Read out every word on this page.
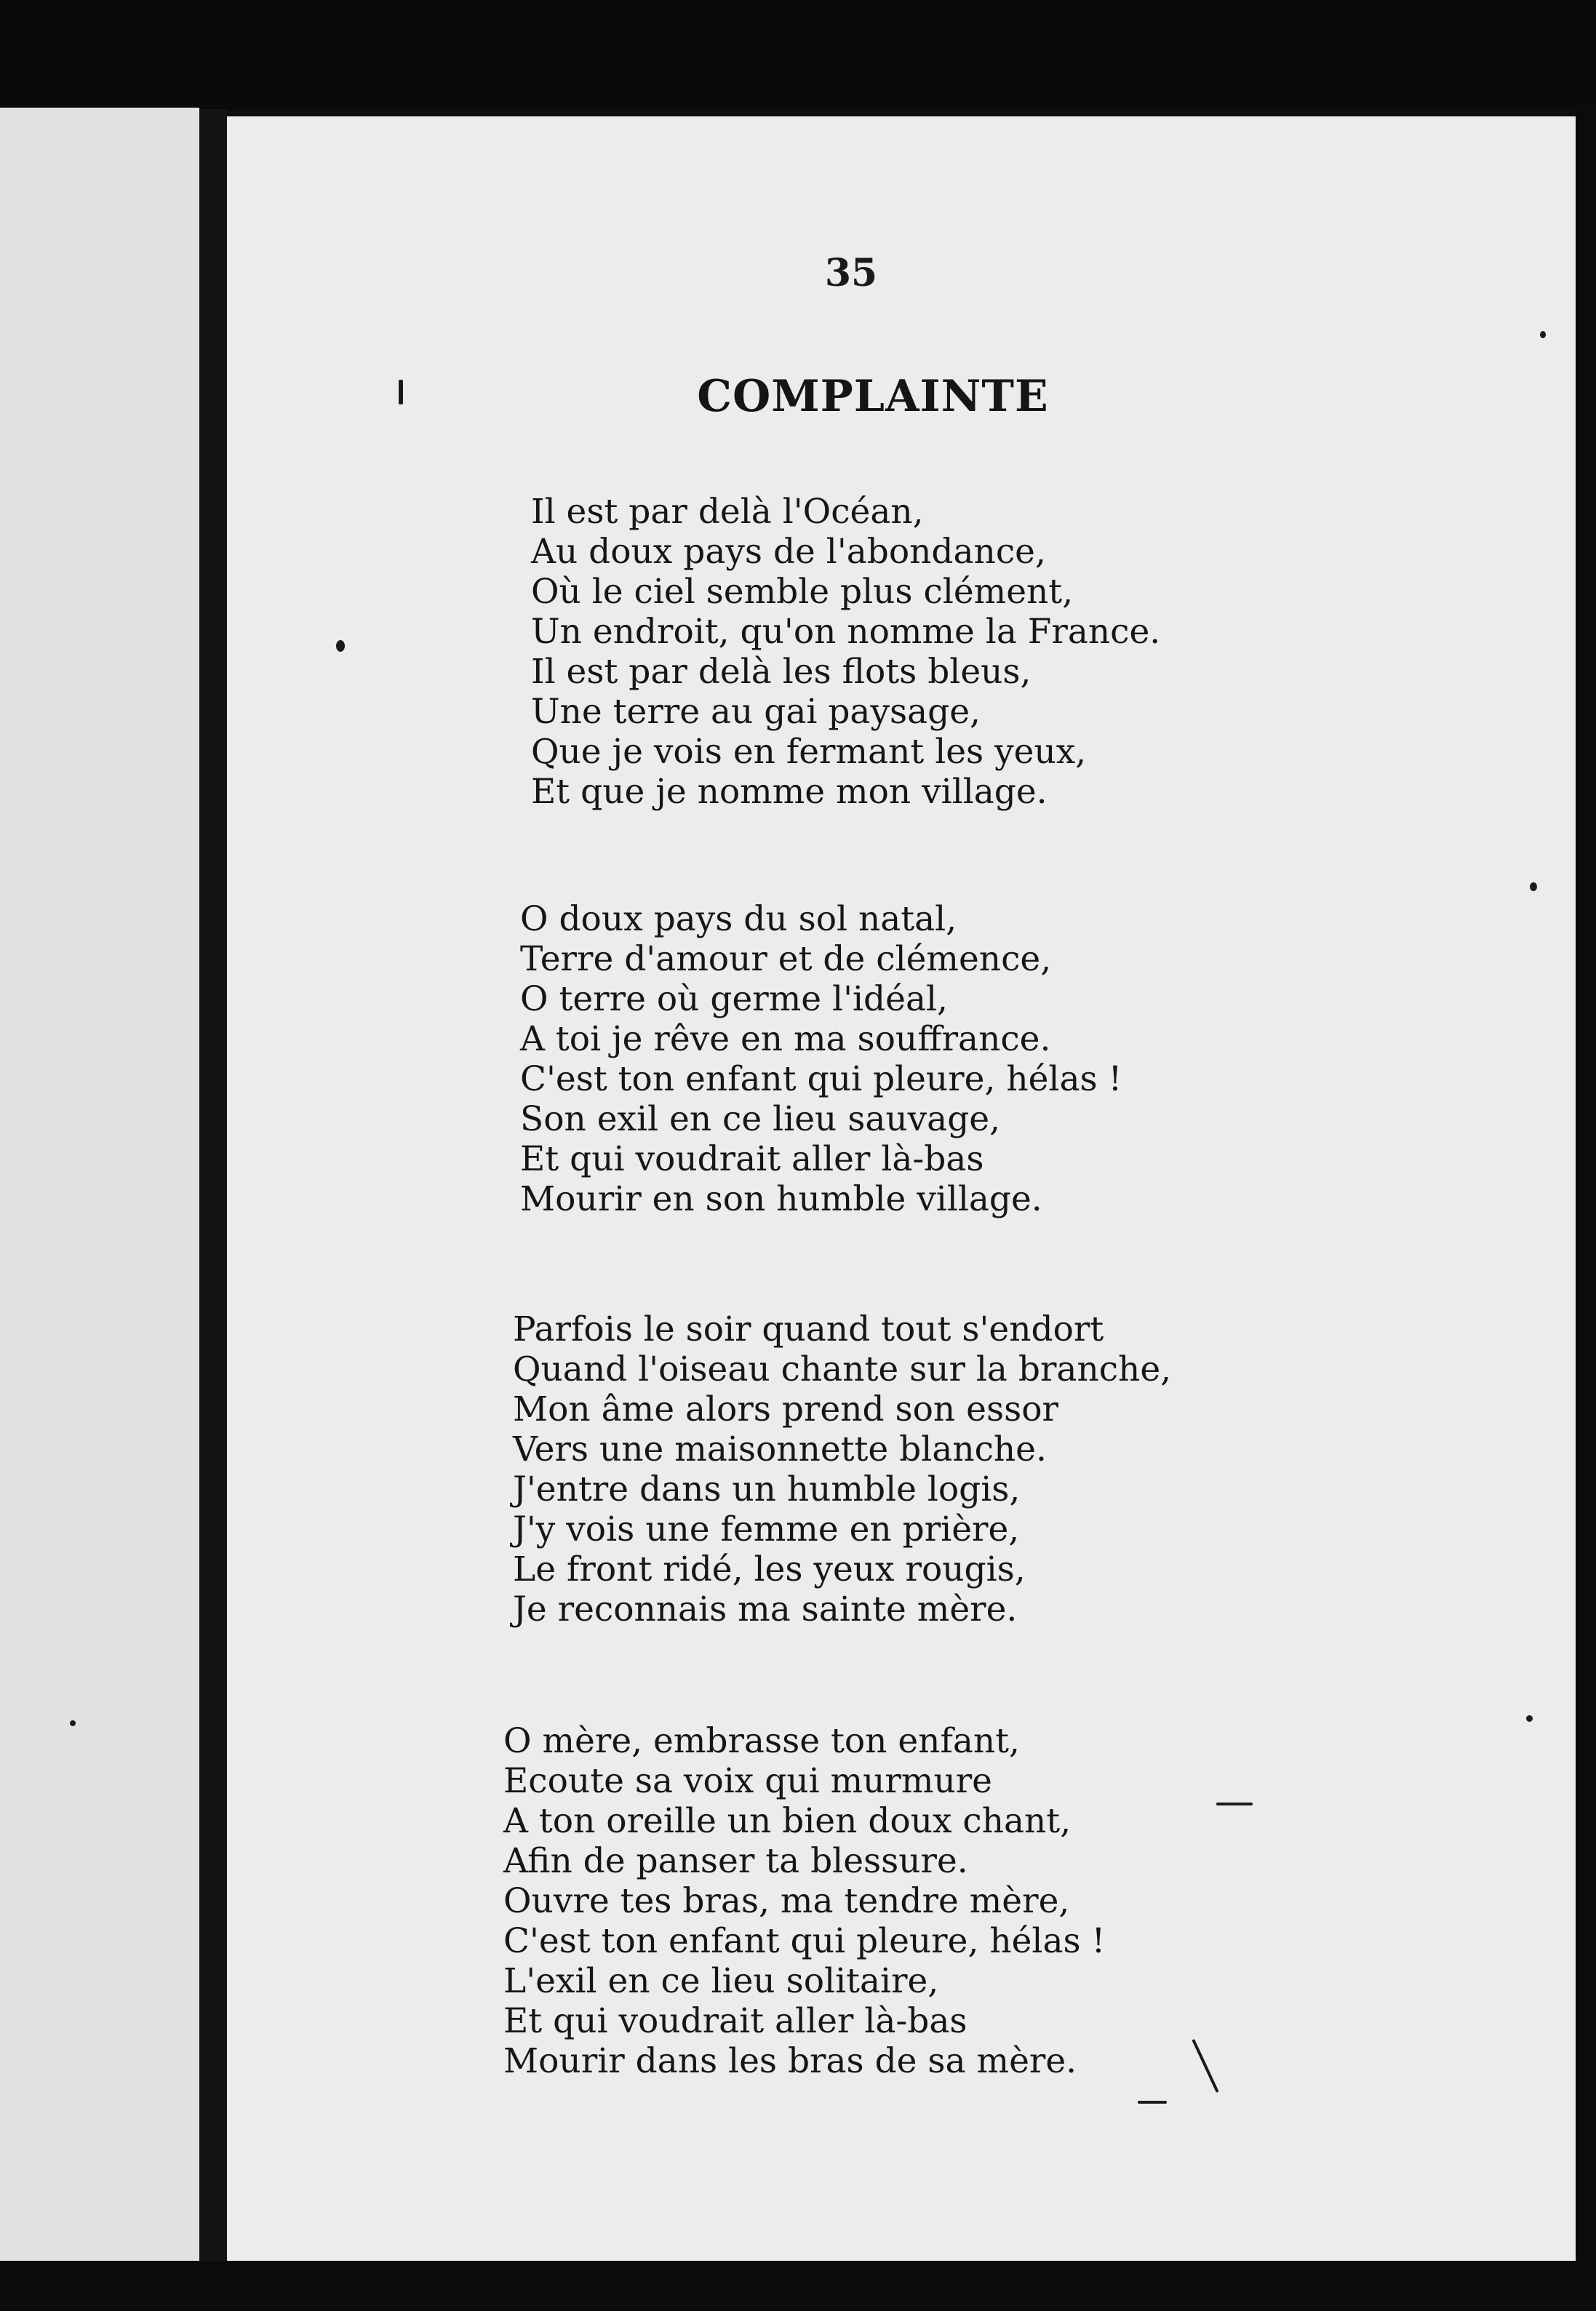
35
COMPLAINTE
Il est par delà l'Océan,
Au doux pays de l'abondance,
Où le ciel semble plus clément,
Un endroit, qu'on nomme la France.
Il est par delà les flots bleus,
Une terre au gai paysage,
Que je vois en fermant les yeux,
Et que je nomme mon village.
O doux pays du sol natal,
Terre d'amour et de clémence,
O terre où germe l'idéal,
A toi je rêve en ma souffrance.
C'est ton enfant qui pleure, hélas !
Son exil en ce lieu sauvage,
Et qui voudrait aller là-bas
Mourir en son humble village.
Parfois le soir quand tout s'endort
Quand l'oiseau chante sur la branche,
Mon âme alors prend son essor
Vers une maisonnette blanche.
J'entre dans un humble logis,
J'y vois une femme en prière,
Le front ridé, les yeux rougis,
Je reconnais ma sainte mère.
O mère, embrasse ton enfant,
Ecoute sa voix qui murmure
A ton oreille un bien doux chant,
Afin de panser ta blessure.
Ouvre tes bras, ma tendre mère,
C'est ton enfant qui pleure, hélas !
L'exil en ce lieu solitaire,
Et qui voudrait aller là-bas
Mourir dans les bras de sa mère.
